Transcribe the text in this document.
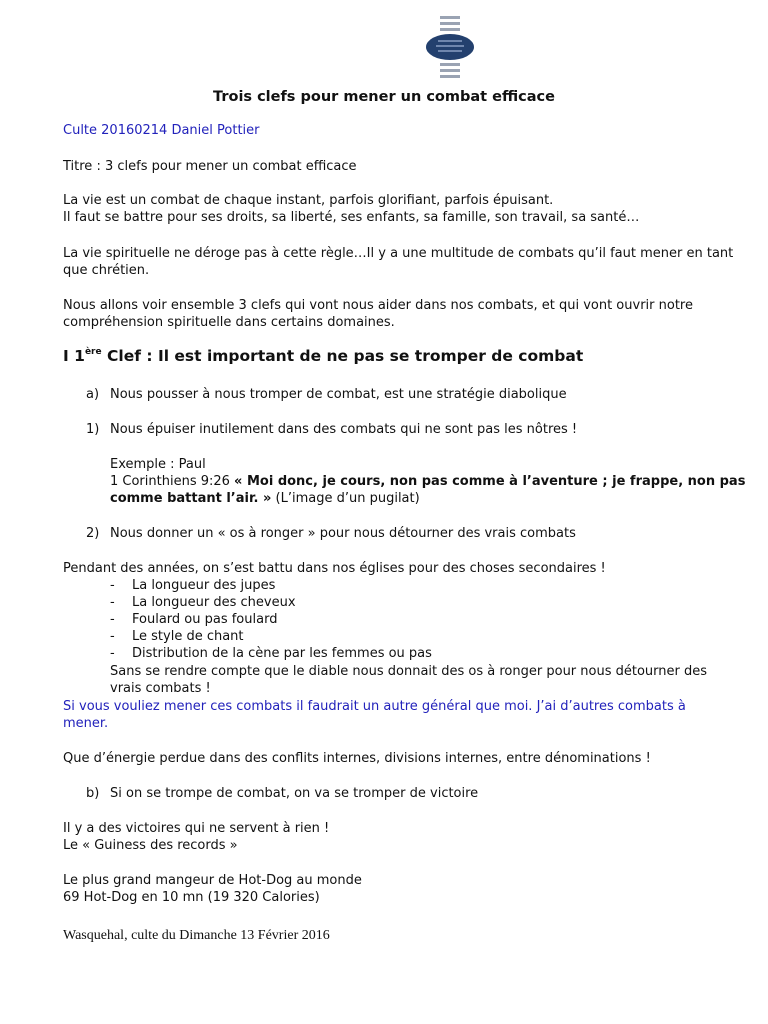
Trois clefs pour mener un combat efficace
Culte 20160214 Daniel Pottier
Titre : 3 clefs pour mener un combat efficace
La vie est un combat de chaque instant, parfois glorifiant, parfois épuisant.
Il faut se battre pour ses droits, sa liberté, ses enfants, sa famille, son travail, sa santé…
La vie spirituelle ne déroge pas à cette règle…Il y a une multitude de combats qu’il faut mener en tant
que chrétien.
Nous allons voir ensemble 3 clefs qui vont nous aider dans nos combats, et qui vont ouvrir notre
compréhension spirituelle dans certains domaines.
I 1ère Clef : Il est important de ne pas se tromper de combat
a) Nous pousser à nous tromper de combat, est une stratégie diabolique
1) Nous épuiser inutilement dans des combats qui ne sont pas les nôtres !
Exemple : Paul
1 Corinthiens 9:26 « Moi donc, je cours, non pas comme à l’aventure ; je frappe, non pas
comme battant l’air. » (L’image d’un pugilat)
2) Nous donner un « os à ronger » pour nous détourner des vrais combats
Pendant des années, on s’est battu dans nos églises pour des choses secondaires !
- La longueur des jupes
- La longueur des cheveux
- Foulard ou pas foulard
- Le style de chant
- Distribution de la cène par les femmes ou pas
Sans se rendre compte que le diable nous donnait des os à ronger pour nous détourner des
vrais combats !
Si vous vouliez mener ces combats il faudrait un autre général que moi. J’ai d’autres combats à
mener.
Que d’énergie perdue dans des conflits internes, divisions internes, entre dénominations !
b) Si on se trompe de combat, on va se tromper de victoire
Il y a des victoires qui ne servent à rien !
Le « Guiness des records »
Le plus grand mangeur de Hot-Dog au monde
69 Hot-Dog en 10 mn (19 320 Calories)
Wasquehal, culte du Dimanche 13 Février 2016
